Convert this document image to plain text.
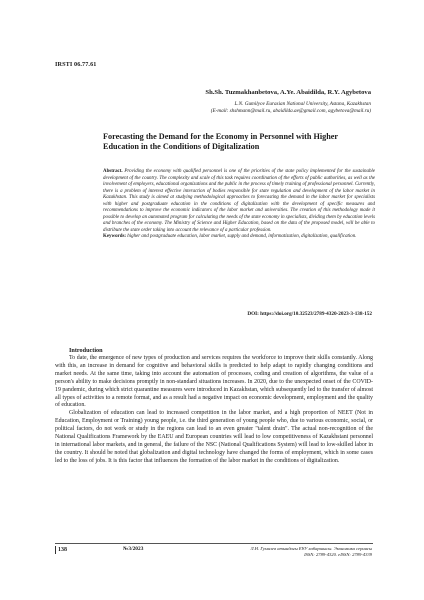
IRSTI 06.77.61
Sh.Sh. Tuzmakhanbetova, A.Ye. Abaidilda, R.Y. Agybetova
L.N. Gumilyov Eurasian National University, Astana, Kazakhstan
(E-mail: shshmann@mail.ru, abaidilda.ae@gmail.com, agybetova@mail.ru)
Forecasting the Demand for the Economy in Personnel with Higher Education in the Conditions of Digitalization
Abstract. Providing the economy with qualified personnel is one of the priorities of the state policy implemented for the sustainable development of the country. The complexity and scale of this task requires coordination of the efforts of public authorities, as well as the involvement of employers, educational organizations and the public in the process of timely training of professional personnel. Currently, there is a problem of interest effective interaction of bodies responsible for state regulation and development of the labor market in Kazakhstan. This study is aimed at studying methodological approaches to forecasting the demand in the labor market for specialists with higher and postgraduate education in the conditions of digitalization with the development of specific measures and recommendations to improve the economic indicators of the labor market and universities. The creation of this methodology made it possible to develop an automated program for calculating the needs of the state economy in specialists, dividing them by education levels and branches of the economy. The Ministry of Science and Higher Education, based on the data of the proposed model, will be able to distribute the state order taking into account the relevance of a particular profession.
Keywords: higher and postgraduate education, labor market, supply and demand, informatization, digitalization, qualification.
DOI: https://doi.org/10.32523/2789-4320-2023-3-138-152
Introduction

To date, the emergence of new types of production and services requires the workforce to improve their skills constantly. Along with this, an increase in demand for cognitive and behavioral skills is predicted to help adapt to rapidly changing conditions and market needs. At the same time, taking into account the automation of processes, coding and creation of algorithms, the value of a person's ability to make decisions promptly in non-standard situations increases. In 2020, due to the unexpected onset of the COVID-19 pandemic, during which strict quarantine measures were introduced in Kazakhstan, which subsequently led to the transfer of almost all types of activities to a remote format, and as a result had a negative impact on economic development, employment and the quality of education.

Globalization of education can lead to increased competition in the labor market, and a high proportion of NEET (Not in Education, Employment or Training) young people, i.e. the third generation of young people who, due to various economic, social, or political factors, do not work or study in the regions can lead to an even greater "talent drain". The actual non-recognition of the National Qualifications Framework by the EAEU and European countries will lead to low competitiveness of Kazakhstani personnel in international labor markets, and in general, the failure of the NSC (National Qualifications System) will lead to low-skilled labor in the country. It should be noted that globalization and digital technology have changed the forms of employment, which in some cases led to the loss of jobs. It is this factor that influences the formation of the labor market in the conditions of digitalization.

138	№3/2023	Л.Н. Гумилев атындағы ЕҰУ хабаршысы. Экономика сериясы
ISSN: 2789-4320. eISSN: 2789-4339
